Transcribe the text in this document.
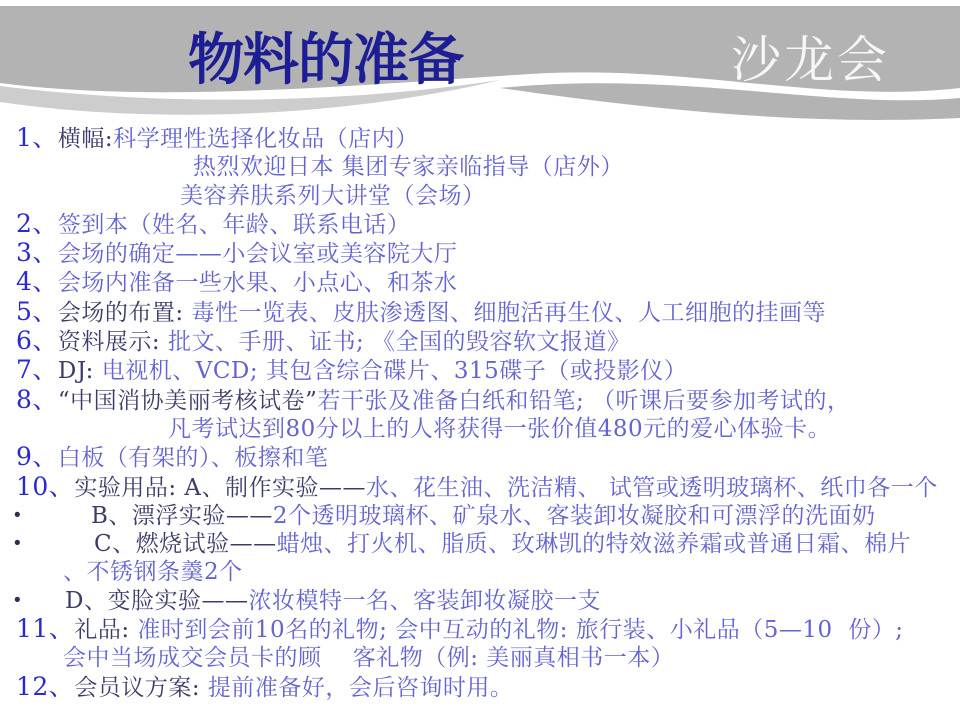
物料的准备	沙龙会
1、横幅:科学理性选择化妆品（店内）
热烈欢迎日本 集团专家亲临指导（店外）
美容养肤系列大讲堂（会场）
2、签到本（姓名、年龄、联系电话）
3、会场的确定——小会议室或美容院大厅
4、会场内准备一些水果、小点心、和茶水
5、会场的布置: 毒性一览表、皮肤渗透图、细胞活再生仪、人工细胞的挂画等
6、资料展示: 批文、手册、证书; 《全国的毁容软文报道》
7、DJ: 电视机、VCD; 其包含综合碟片、315碟子（或投影仪）
8、“中国消协美丽考核试卷”若干张及准备白纸和铅笔; （听课后要参加考试的，
凡考试达到80分以上的人将获得一张价值480元的爱心体验卡。
9、白板（有架的）、板擦和笔
10、实验用品: A、制作实验——水、花生油、洗洁精、 试管或透明玻璃杯、纸巾各一个
•	B、漂浮实验——2个透明玻璃杯、矿泉水、客装卸妆凝胶和可漂浮的洗面奶
•	C、燃烧试验——蜡烛、打火机、脂质、玫琳凯的特效滋养霜或普通日霜、棉片
、不锈钢条羹2个
• D、变脸实验——浓妆模特一名、客装卸妆凝胶一支
11、礼品: 准时到会前10名的礼物; 会中互动的礼物: 旅行装、小礼品（5—10  份）;
会中当场成交会员卡的顾    客礼物（例: 美丽真相书一本）
12、会员议方案: 提前准备好，会后咨询时用。
